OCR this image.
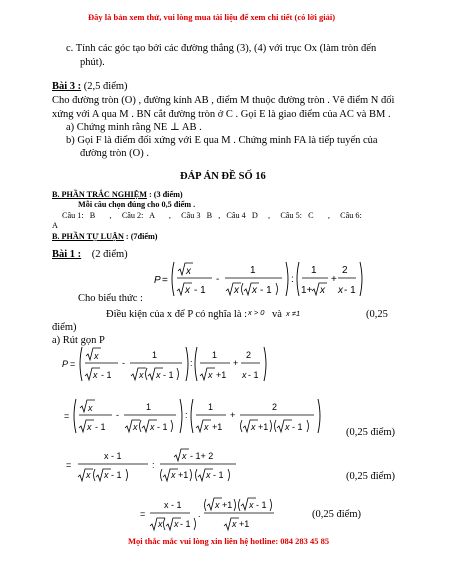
Đây là bản xem thử, vui lòng mua tài liệu để xem chi tiết (có lời giải)
c. Tính các góc tạo bởi các đường thẳng (3), (4) với trục Ox (làm tròn đến
phút).
Bài 3 : (2,5 điểm)
Cho đường tròn (O) , đường kính AB , điểm M thuộc đường tròn . Vẽ điểm N đối
xứng với A qua M . BN cắt đường tròn ở C . Gọi E là giao điểm của AC và BM .
a) Chứng minh rằng NE ⊥ AB .
b) Gọi F là điểm đối xứng với E qua M . Chứng minh FA là tiếp tuyến của
đường tròn (O) .
ĐÁP ÁN ĐỀ SỐ 16
B. PHẦN TRẮC NGHIỆM : (3 điểm)
Mỗi câu chọn đúng cho 0,5 điểm .
Câu 1:   B       ,     Câu 2:   A       ,     Câu 3   B   ,   Câu 4   D     ,     Câu 5:   C       ,     Câu 6:
A
B. PHẦN TỰ LUẬN : (7điểm)
Bài 1 : (2 điểm)
P =
x
x - 1
-
1
x x - 1
:
1
1+ x
+
2
x - 1
Cho biểu thức :
Điều kiện của x để P có nghĩa là : x > 0 và x ≠1	(0,25
điểm)
a) Rút gọn P
P =
x
x - 1
-
1
x x - 1
:
1
x +1
+
2
x - 1
=
x
x - 1
-
1
x x - 1
:
1
x +1
+
2
x +1 x - 1	(0,25 điểm)
=
x - 1
x x - 1
:
x - 1+ 2
x +1 x - 1	(0,25 điểm)
=
x - 1
x x - 1
.
x +1 x - 1
x +1
(0,25 điểm)
Mọi thắc mắc vui lòng xin liên hệ hotline: 084 283 45 85
